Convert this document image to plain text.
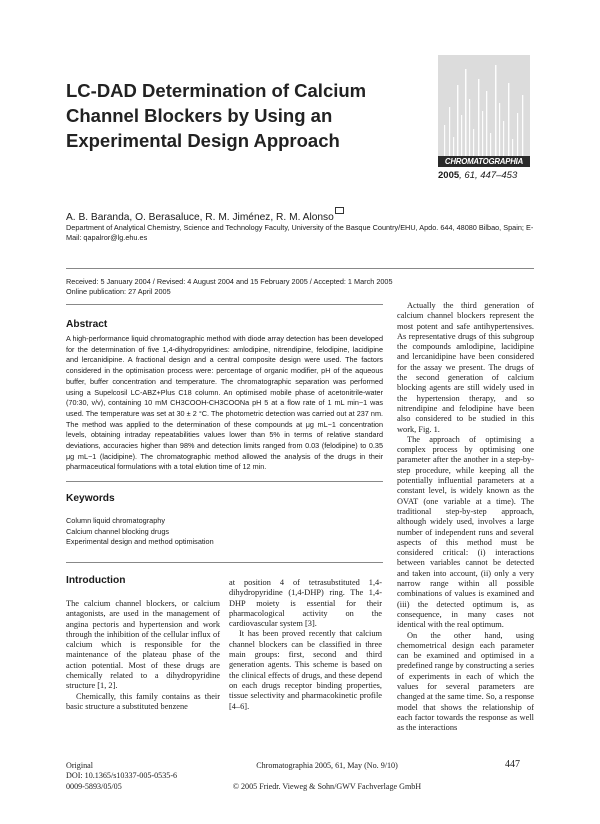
LC-DAD Determination of Calcium Channel Blockers by Using an Experimental Design Approach
CHROMATOGRAPHIA
2005, 61, 447–453
A. B. Baranda, O. Berasaluce, R. M. Jiménez, R. M. Alonso
Department of Analytical Chemistry, Science and Technology Faculty, University of the Basque Country/EHU, Apdo. 644, 48080 Bilbao, Spain; E-Mail: qapalror@lg.ehu.es
Received: 5 January 2004 / Revised: 4 August 2004 and 15 February 2005 / Accepted: 1 March 2005
Online publication: 27 April 2005
Abstract
A high-performance liquid chromatographic method with diode array detection has been developed for the determination of five 1,4-dihydropyridines: amlodipine, nitrendipine, felodipine, lacidipine and lercanidipine. A fractional design and a central composite design were used. The factors considered in the optimisation process were: percentage of organic modifier, pH of the aqueous buffer, buffer concentration and temperature. The chromatographic separation was performed using a Supelcosil LC-ABZ+Plus C18 column. An optimised mobile phase of acetonitrile-water (70:30, v/v), containing 10 mM CH3COOH-CH3COONa pH 5 at a flow rate of 1 mL min−1 was used. The temperature was set at 30 ± 2 °C. The photometric detection was carried out at 237 nm. The method was applied to the determination of these compounds at μg mL−1 concentration levels, obtaining intraday repeatabilities values lower than 5% in terms of relative standard deviations, accuracies higher than 98% and detection limits ranged from 0.03 (felodipine) to 0.35 μg mL−1 (lacidipine). The chromatographic method allowed the analysis of the drugs in their pharmaceutical formulations with a total elution time of 12 min.
Keywords
Column liquid chromatography
Calcium channel blocking drugs
Experimental design and method optimisation
Introduction

The calcium channel blockers, or calcium antagonists, are used in the management of angina pectoris and hypertension and work through the inhibition of the cellular influx of calcium which is responsible for the maintenance of the plateau phase of the action potential. Most of these drugs are chemically related to a dihydropyridine structure [1, 2].

Chemically, this family contains as their basic structure a substituted benzene

at position 4 of tetrasubstituted 1,4-dihydropyridine (1,4-DHP) ring. The 1,4-DHP moiety is essential for their pharmacological activity on the cardiovascular system [3].

It has been proved recently that calcium channel blockers can be classified in three main groups: first, second and third generation agents. This scheme is based on the clinical effects of drugs, and these depend on each drugs receptor binding properties, tissue selectivity and pharmacokinetic profile [4–6].

Actually the third generation of calcium channel blockers represent the most potent and safe antihypertensives. As representative drugs of this subgroup the compounds amlodipine, lacidipine and lercanidipine have been considered for the assay we present. The drugs of the second generation of calcium blocking agents are still widely used in the hypertension therapy, and so nitrendipine and felodipine have been also considered to be studied in this work, Fig. 1.

The approach of optimising a complex process by optimising one parameter after the another in a step-by-step procedure, while keeping all the potentially influential parameters at a constant level, is widely known as the OVAT (one variable at a time). The traditional step-by-step approach, although widely used, involves a large number of independent runs and several aspects of this method must be considered critical: (i) interactions between variables cannot be detected and taken into account, (ii) only a very narrow range within all possible combinations of values is examined and (iii) the detected optimum is, as consequence, in many cases not identical with the real optimum.

On the other hand, using chemometrical design each parameter can be examined and optimised in a predefined range by constructing a series of experiments in each of which the values for several parameters are changed at the same time. So, a response model that shows the relationship of each factor towards the response as well as the interactions

Original
DOI: 10.1365/s10337-005-0535-6
0009-5893/05/05
Chromatographia 2005, 61, May (No. 9/10)
© 2005 Friedr. Vieweg & Sohn/GWV Fachverlage GmbH
447
